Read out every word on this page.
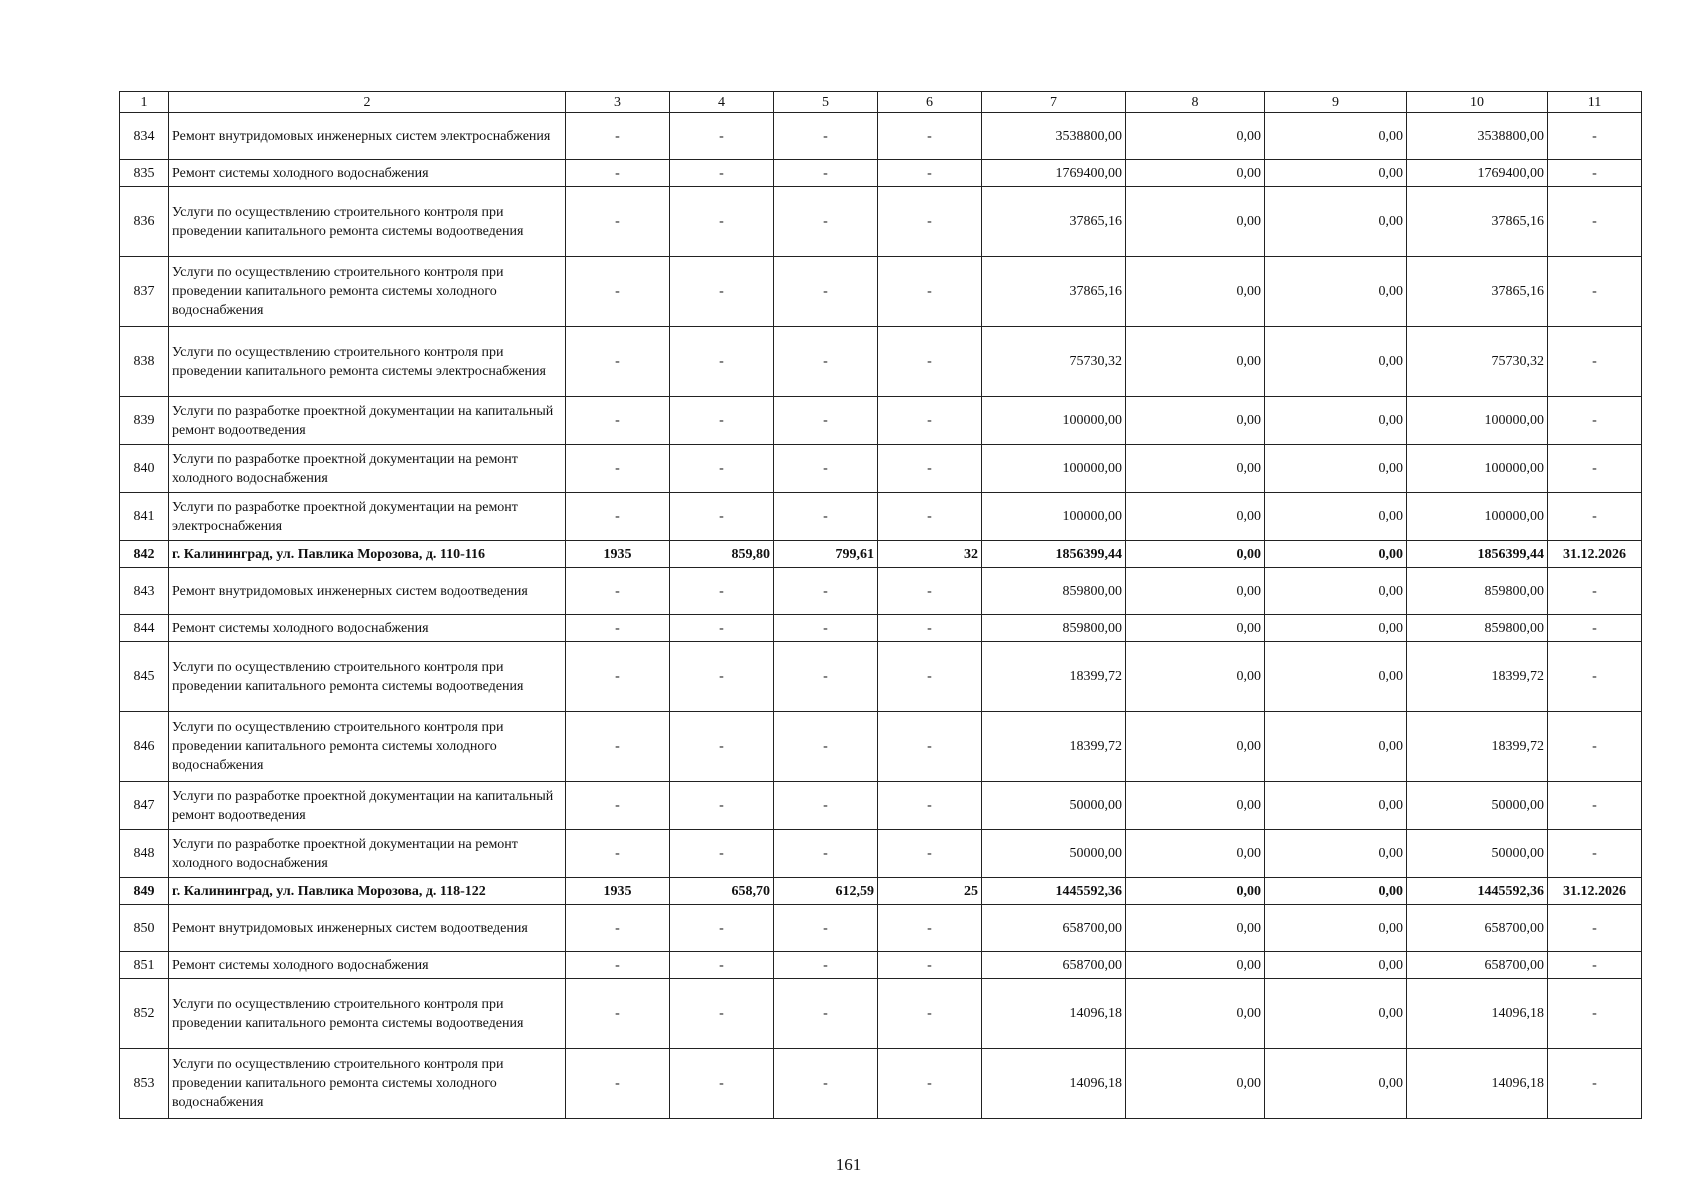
1	2	3	4	5	6	7	8	9	10	11
834	Ремонт внутридомовых инженерных систем электроснабжения	-	-	-	-	3538800,00	0,00	0,00	3538800,00	-
835	Ремонт системы холодного водоснабжения	-	-	-	-	1769400,00	0,00	0,00	1769400,00	-
836	Услуги по осуществлению строительного контроля при проведении капитального ремонта системы водоотведения	-	-	-	-	37865,16	0,00	0,00	37865,16	-
837	Услуги по осуществлению строительного контроля при проведении капитального ремонта системы холодного водоснабжения	-	-	-	-	37865,16	0,00	0,00	37865,16	-
838	Услуги по осуществлению строительного контроля при проведении капитального ремонта системы электроснабжения	-	-	-	-	75730,32	0,00	0,00	75730,32	-
839	Услуги по разработке проектной документации на капитальный ремонт водоотведения	-	-	-	-	100000,00	0,00	0,00	100000,00	-
840	Услуги по разработке проектной документации на ремонт холодного водоснабжения	-	-	-	-	100000,00	0,00	0,00	100000,00	-
841	Услуги по разработке проектной документации на ремонт электроснабжения	-	-	-	-	100000,00	0,00	0,00	100000,00	-
842	г. Калининград, ул. Павлика Морозова, д. 110-116	1935	859,80	799,61	32	1856399,44	0,00	0,00	1856399,44	31.12.2026
843	Ремонт внутридомовых инженерных систем водоотведения	-	-	-	-	859800,00	0,00	0,00	859800,00	-
844	Ремонт системы холодного водоснабжения	-	-	-	-	859800,00	0,00	0,00	859800,00	-
845	Услуги по осуществлению строительного контроля при проведении капитального ремонта системы водоотведения	-	-	-	-	18399,72	0,00	0,00	18399,72	-
846	Услуги по осуществлению строительного контроля при проведении капитального ремонта системы холодного водоснабжения	-	-	-	-	18399,72	0,00	0,00	18399,72	-
847	Услуги по разработке проектной документации на капитальный ремонт водоотведения	-	-	-	-	50000,00	0,00	0,00	50000,00	-
848	Услуги по разработке проектной документации на ремонт холодного водоснабжения	-	-	-	-	50000,00	0,00	0,00	50000,00	-
849	г. Калининград, ул. Павлика Морозова, д. 118-122	1935	658,70	612,59	25	1445592,36	0,00	0,00	1445592,36	31.12.2026
850	Ремонт внутридомовых инженерных систем водоотведения	-	-	-	-	658700,00	0,00	0,00	658700,00	-
851	Ремонт системы холодного водоснабжения	-	-	-	-	658700,00	0,00	0,00	658700,00	-
852	Услуги по осуществлению строительного контроля при проведении капитального ремонта системы водоотведения	-	-	-	-	14096,18	0,00	0,00	14096,18	-
853	Услуги по осуществлению строительного контроля при проведении капитального ремонта системы холодного водоснабжения	-	-	-	-	14096,18	0,00	0,00	14096,18	-
161
